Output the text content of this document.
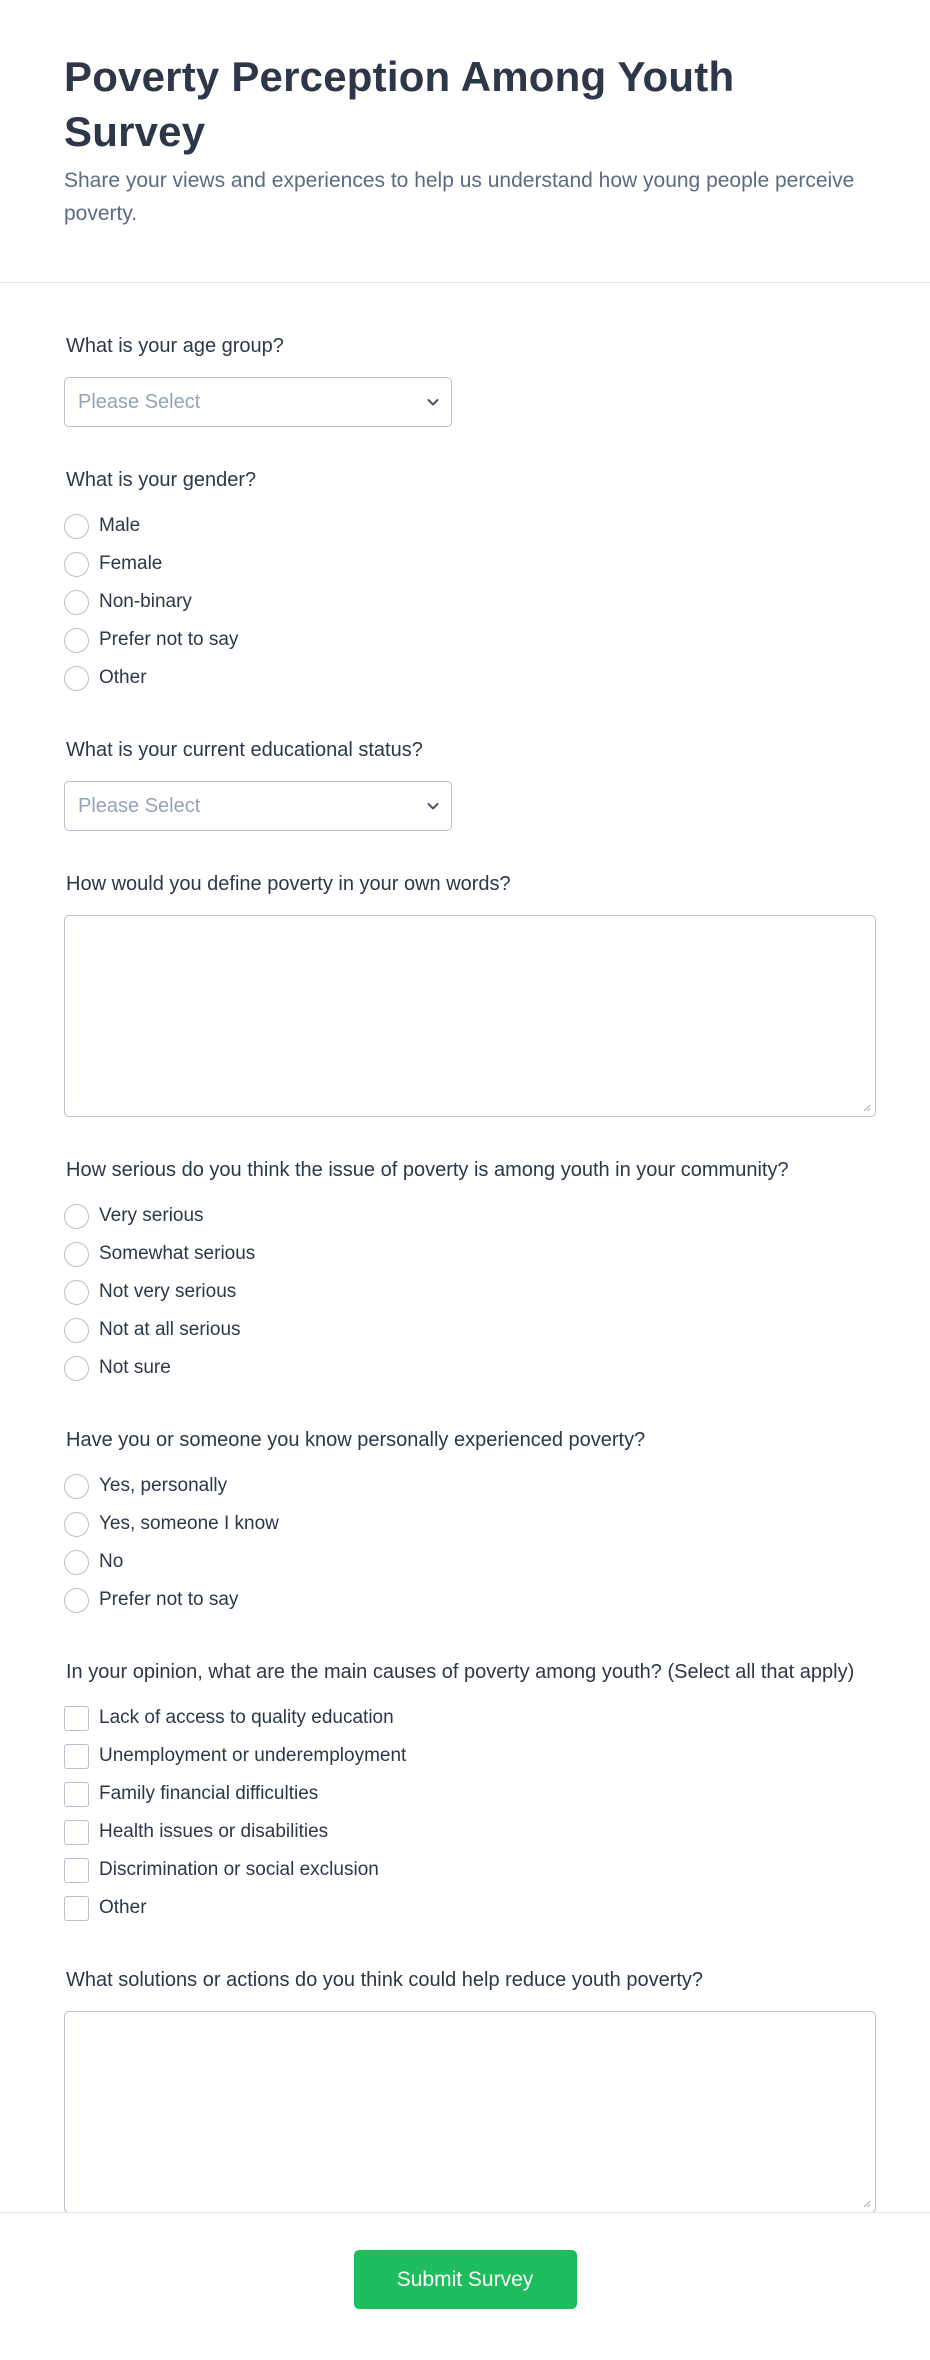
Poverty Perception Among Youth Survey

Share your views and experiences to help us understand how young people perceive poverty.

What is your age group?
Please Select
What is your gender?
Male
Female
Non-binary
Prefer not to say
Other
What is your current educational status?
Please Select
How would you define poverty in your own words?
How serious do you think the issue of poverty is among youth in your community?
Very serious
Somewhat serious
Not very serious
Not at all serious
Not sure
Have you or someone you know personally experienced poverty?
Yes, personally
Yes, someone I know
No
Prefer not to say
In your opinion, what are the main causes of poverty among youth? (Select all that apply)
Lack of access to quality education
Unemployment or underemployment
Family financial difficulties
Health issues or disabilities
Discrimination or social exclusion
Other
What solutions or actions do you think could help reduce youth poverty?
Submit Survey
